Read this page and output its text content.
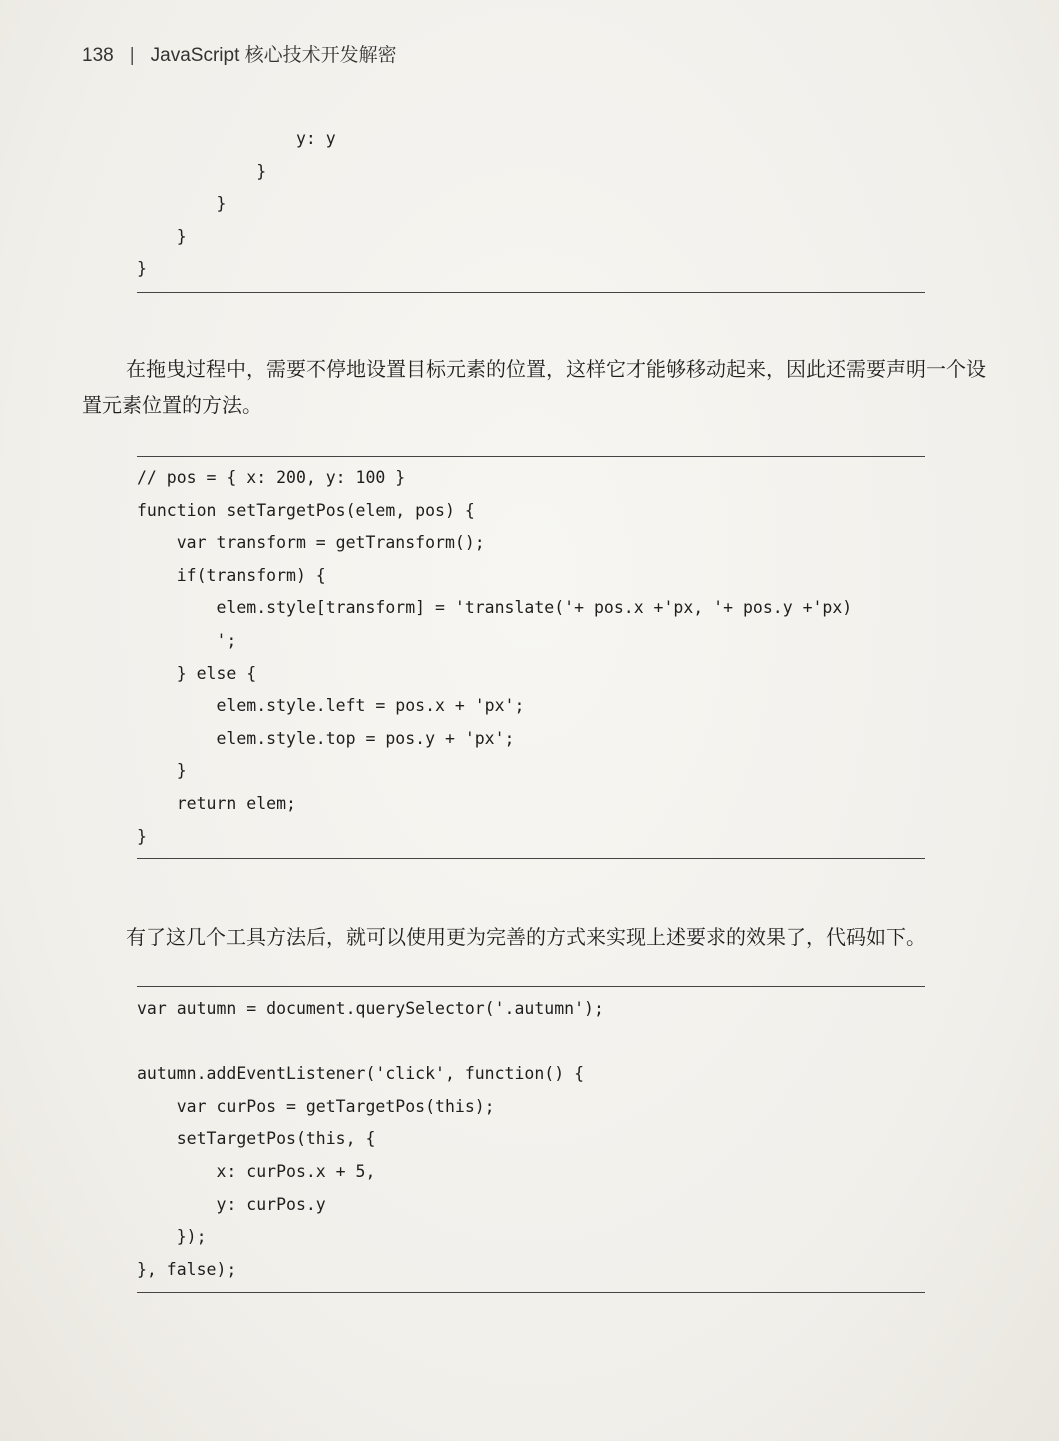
138 | JavaScript 核心技术开发解密
y: y
}
}
}
}

在拖曳过程中，需要不停地设置目标元素的位置，这样它才能够移动起来，因此还需要声明一个设置元素位置的方法。

// pos = { x: 200, y: 100 }
function setTargetPos(elem, pos) {
var transform = getTransform();
if(transform) {
elem.style[transform] = 'translate('+ pos.x +'px, '+ pos.y +'px)
';
} else {
elem.style.left = pos.x + 'px';
elem.style.top = pos.y + 'px';
}
return elem;
}

有了这几个工具方法后，就可以使用更为完善的方式来实现上述要求的效果了，代码如下。

var autumn = document.querySelector('.autumn');

autumn.addEventListener('click', function() {
var curPos = getTargetPos(this);
setTargetPos(this, {
x: curPos.x + 5,
y: curPos.y
});
}, false);
